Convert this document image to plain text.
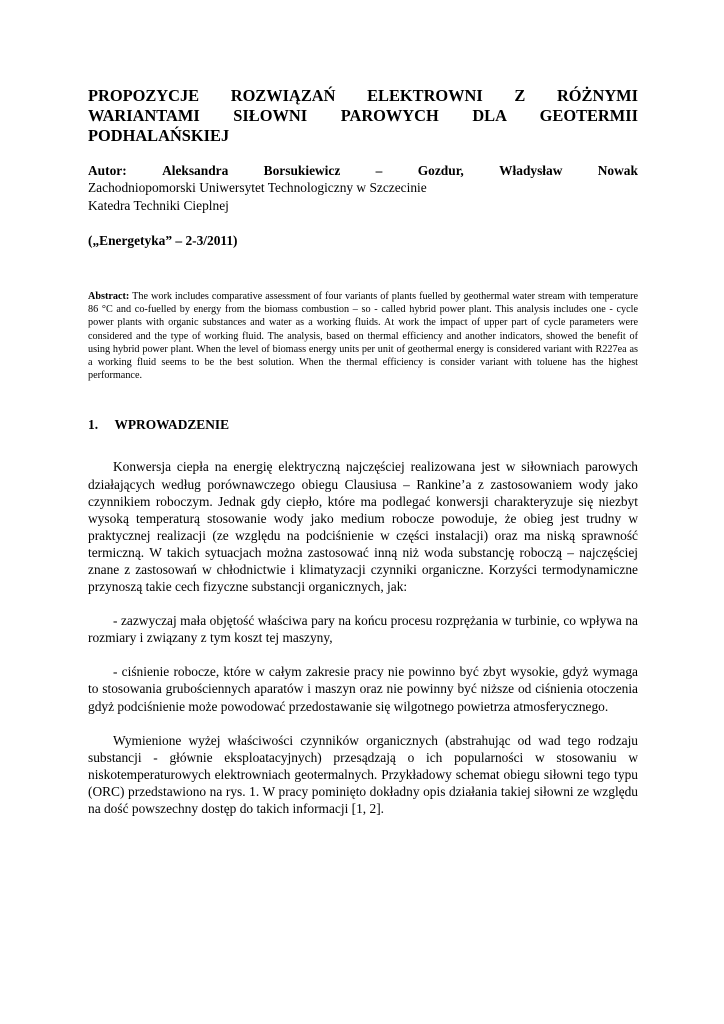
PROPOZYCJE ROZWIĄZAŃ ELEKTROWNI Z RÓŻNYMI WARIANTAMI SIŁOWNI PAROWYCH DLA GEOTERMII PODHALAŃSKIEJ
Autor:	Aleksandra	Borsukiewicz	–	Gozdur,	Władysław	Nowak
Zachodniopomorski Uniwersytet Technologiczny w Szczecinie
Katedra Techniki Cieplnej
(„Energetyka” – 2-3/2011)

Abstract: The work includes comparative assessment of four variants of plants fuelled by geothermal water stream with temperature 86 °C and co-fuelled by energy from the biomass combustion – so - called hybrid power plant. This analysis includes one - cycle power plants with organic substances and water as a working fluids. At work the impact of upper part of cycle parameters were considered and the type of working fluid. The analysis, based on thermal efficiency and another indicators, showed the benefit of using hybrid power plant. When the level of biomass energy units per unit of geothermal energy is considered variant with R227ea as a working fluid seems to be the best solution. When the thermal efficiency is consider variant with toluene has the highest performance.

1. WPROWADZENIE

Konwersja ciepła na energię elektryczną najczęściej realizowana jest w siłowniach parowych działających według porównawczego obiegu Clausiusa – Rankine’a z zastosowaniem wody jako czynnikiem roboczym. Jednak gdy ciepło, które ma podlegać konwersji charakteryzuje się niezbyt wysoką temperaturą stosowanie wody jako medium robocze powoduje, że obieg jest trudny w praktycznej realizacji (ze względu na podciśnienie w części instalacji) oraz ma niską sprawność termiczną. W takich sytuacjach można zastosować inną niż woda substancję roboczą – najczęściej znane z zastosowań w chłodnictwie i klimatyzacji czynniki organiczne. Korzyści termodynamiczne przynoszą takie cech fizyczne substancji organicznych, jak:

- zazwyczaj mała objętość właściwa pary na końcu procesu rozprężania w turbinie, co wpływa na rozmiary i związany z tym koszt tej maszyny,

- ciśnienie robocze, które w całym zakresie pracy nie powinno być zbyt wysokie, gdyż wymaga to stosowania grubościennych aparatów i maszyn oraz nie powinny być niższe od ciśnienia otoczenia gdyż podciśnienie może powodować przedostawanie się wilgotnego powietrza atmosferycznego.

Wymienione wyżej właściwości czynników organicznych (abstrahując od wad tego rodzaju substancji - głównie eksploatacyjnych) przesądzają o ich popularności w stosowaniu w niskotemperaturowych elektrowniach geotermalnych. Przykładowy schemat obiegu siłowni tego typu (ORC) przedstawiono na rys. 1. W pracy pominięto dokładny opis działania takiej siłowni ze względu na dość powszechny dostęp do takich informacji [1, 2].
